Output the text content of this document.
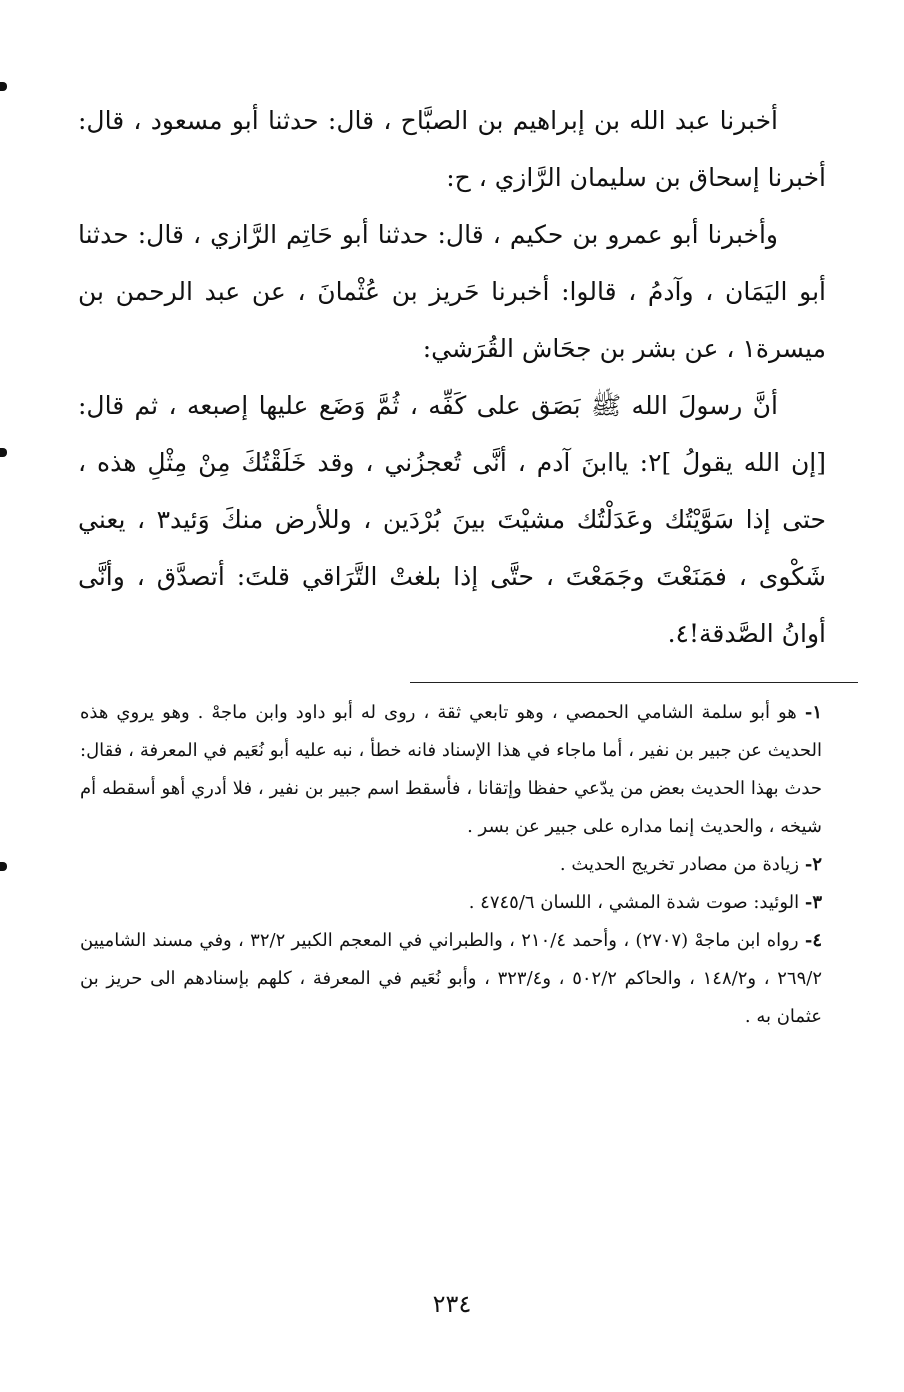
أخبرنا عبد الله بن إبراهيم بن الصبَّاح ، قال: حدثنا أبو مسعود ، قال: أخبرنا إسحاق بن سليمان الرَّازي ، ح:

وأخبرنا أبو عمرو بن حكيم ، قال: حدثنا أبو حَاتِم الرَّازي ، قال: حدثنا أبو اليَمَان ، وآدمُ ، قالوا: أخبرنا حَريز بن عُثْمانَ ، عن عبد الرحمن بن ميسرة١ ، عن بشر بن جحَاش القُرَشي:

أنَّ رسولَ الله ﷺ بَصَق على كَفِّه ، ثُمَّ وَضَع عليها إصبعه ، ثم قال: [إن الله يقولُ ]٢: ياابنَ آدم ، أنَّى تُعجزُني ، وقد خَلَقْتُكَ مِنْ مِثْلِ هذه ، حتى إذا سَوَّيْتُك وعَدَلْتُك مشيْتَ بينَ بُرْدَين ، وللأرض منكَ وَئيد٣ ، يعني شَكْوى ، فمَنَعْتَ وجَمَعْتَ ، حتَّى إذا بلغتْ التَّرَاقي قلتَ: أتصدَّق ، وأنَّى أوانُ الصَّدقة!٤.

١- هو أبو سلمة الشامي الحمصي ، وهو تابعي ثقة ، روى له أبو داود وابن ماجهْ . وهو يروي هذه الحديث عن جبير بن نفير ، أما ماجاء في هذا الإسناد فانه خطأ ، نبه عليه أبو نُعَيم في المعرفة ، فقال: حدث بهذا الحديث بعض من يدّعي حفظا وإتقانا ، فأسقط اسم جبير بن نفير ، فلا أدري أهو أسقطه أم شيخه ، والحديث إنما مداره على جبير عن بسر .

٢- زيادة من مصادر تخريج الحديث .

٣- الوئيد: صوت شدة المشي ، اللسان ٤٧٤٥/٦ .

٤- رواه ابن ماجهْ (٢٧٠٧) ، وأحمد ٢١٠/٤ ، والطبراني في المعجم الكبير ٣٢/٢ ، وفي مسند الشاميين ٢٦٩/٢ ، و١٤٨/٢ ، والحاكم ٥٠٢/٢ ، و٣٢٣/٤ ، وأبو نُعَيم في المعرفة ، كلهم بإسنادهم الى حريز بن عثمان به .

٢٣٤
